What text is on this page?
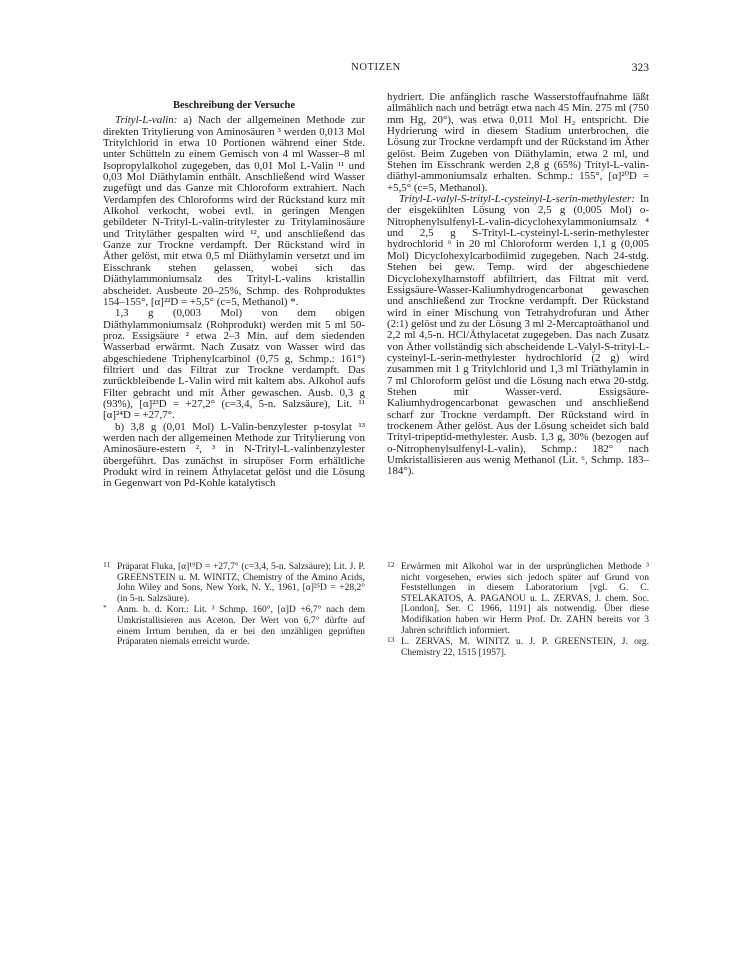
NOTIZEN	323

Beschreibung der Versuche

Trityl-L-valin: a) Nach der allgemeinen Methode zur direkten Tritylierung von Aminosäuren ³ werden 0,013 Mol Tritylchlorid in etwa 10 Portionen während einer Stde. unter Schütteln zu einem Gemisch von 4 ml Wasser–8 ml Isopropylalkohol zugegeben, das 0,01 Mol L-Valin ¹¹ und 0,03 Mol Diäthylamin enthält. Anschließend wird Wasser zugefügt und das Ganze mit Chloroform extrahiert. Nach Verdampfen des Chloroforms wird der Rückstand kurz mit Alkohol verkocht, wobei evtl. in geringen Mengen gebildeter N-Trityl-L-valin-tritylester zu Tritylaminosäure und Trityläther gespalten wird ¹², und anschließend das Ganze zur Trockne verdampft. Der Rückstand wird in Äther gelöst, mit etwa 0,5 ml Diäthylamin versetzt und im Eisschrank stehen gelassen, wobei sich das Diäthylammoniumsalz des Trityl-L-valins kristallin abscheidet. Ausbeute 20–25%, Schmp. des Rohproduktes 154–155°, [α]²²D = +5,5° (c=5, Methanol) *.

1,3 g (0,003 Mol) von dem obigen Diäthylammoniumsalz (Rohprodukt) werden mit 5 ml 50-proz. Essigsäure ² etwa 2–3 Min. auf dem siedenden Wasserbad erwärmt. Nach Zusatz von Wasser wird das abgeschiedene Triphenylcarbinol (0,75 g, Schmp.: 161°) filtriert und das Filtrat zur Trockne verdampft. Das zurückbleibende L-Valin wird mit kaltem abs. Alkohol aufs Filter gebracht und mit Äther gewaschen. Ausb. 0,3 g (93%), [α]²³D = +27,2° (c=3,4, 5-n. Salzsäure), Lit. ¹¹ [α]²⁴D = +27,7°.

b) 3,8 g (0,01 Mol) L-Valin-benzylester p-tosylat ¹³ werden nach der allgemeinen Methode zur Tritylierung von Aminosäure-estern ², ³ in N-Trityl-L-valinbenzylester übergeführt. Das zunächst in sirupöser Form erhältliche Produkt wird in reinem Äthylacetat gelöst und die Lösung in Gegenwart von Pd-Kohle katalytisch

hydriert. Die anfänglich rasche Wasserstoffaufnahme läßt allmählich nach und beträgt etwa nach 45 Min. 275 ml (750 mm Hg, 20°), was etwa 0,011 Mol H₂ entspricht. Die Hydrierung wird in diesem Stadium unterbrochen, die Lösung zur Trockne verdampft und der Rückstand im Äther gelöst. Beim Zugeben von Diäthylamin, etwa 2 ml, und Stehen im Eisschrank werden 2,8 g (65%) Trityl-L-valin-diäthyl-ammoniumsalz erhalten. Schmp.: 155°, [α]²⁰D = +5,5° (c=5, Methanol).

Trityl-L-valyl-S-trityl-L-cysteinyl-L-serin-methylester: In der eisgekühlten Lösung von 2,5 g (0,005 Mol) o-Nitrophenylsulfenyl-L-valin-dicyclohexylammoniumsalz ⁴ und 2,5 g S-Trityl-L-cysteinyl-L-serin-methylester hydrochlorid ⁶ in 20 ml Chloroform werden 1,1 g (0,005 Mol) Dicyclohexylcarbodiimid zugegeben. Nach 24-stdg. Stehen bei gew. Temp. wird der abgeschiedene Dicyclohexylharnstoff abfiltriert, das Filtrat mit verd. Essigsäure-Wasser-Kaliumhydrogencarbonat gewaschen und anschließend zur Trockne verdampft. Der Rückstand wird in einer Mischung von Tetrahydrofuran und Äther (2:1) gelöst und zu der Lösung 3 ml 2-Mercaptoäthanol und 2,2 ml 4,5-n. HCl/Äthylacetat zugegeben. Das nach Zusatz von Äther vollständig sich abscheidende L-Valyl-S-trityl-L-cysteinyl-L-serin-methylester hydrochlorid (2 g) wird zusammen mit 1 g Tritylchlorid und 1,3 ml Triäthylamin in 7 ml Chloroform gelöst und die Lösung nach etwa 20-stdg. Stehen mit Wasser-verd. Essigsäure-Kaliumhydrogencarbonat gewaschen und anschließend scharf zur Trockne verdampft. Der Rückstand wird in trockenem Äther gelöst. Aus der Lösung scheidet sich bald Trityl-tripeptid-methylester. Ausb. 1,3 g, 30% (bezogen auf o-Nitrophenylsulfenyl-L-valin), Schmp.: 182° nach Umkristallisieren aus wenig Methanol (Lit. ⁶, Schmp. 183–184°).

11 Präparat Fluka, [α]¹⁹D = +27,7° (c=3,4, 5-n. Salzsäure); Lit. J. P. GREENSTEIN u. M. WINITZ, Chemistry of the Amino Acids, John Wiley and Sons, New York, N. Y., 1961, [α]²⁵D = +28,2° (in 5-n. Salzsäure).

* Anm. b. d. Korr.: Lit. ³ Schmp. 160°, [α]D +6,7° nach dem Umkristallisieren aus Aceton. Der Wert von 6,7° dürfte auf einem Irrtum beruhen, da er bei den unzähligen geprüften Präparaten niemals erreicht wurde.

12 Erwärmen mit Alkohol war in der ursprünglichen Methode ³ nicht vorgesehen, erwies sich jedoch später auf Grund von Feststellungen in diesem Laboratorium [vgl. G. C. STELAKATOS, A. PAGANOU u. L. ZERVAS, J. chem. Soc. [London], Ser. C 1966, 1191] als notwendig. Über diese Modifikation haben wir Herrn Prof. Dr. ZAHN bereits vor 3 Jahren schriftlich informiert.

13 L. ZERVAS, M. WINITZ u. J. P. GREENSTEIN, J. org. Chemistry 22, 1515 [1957].
